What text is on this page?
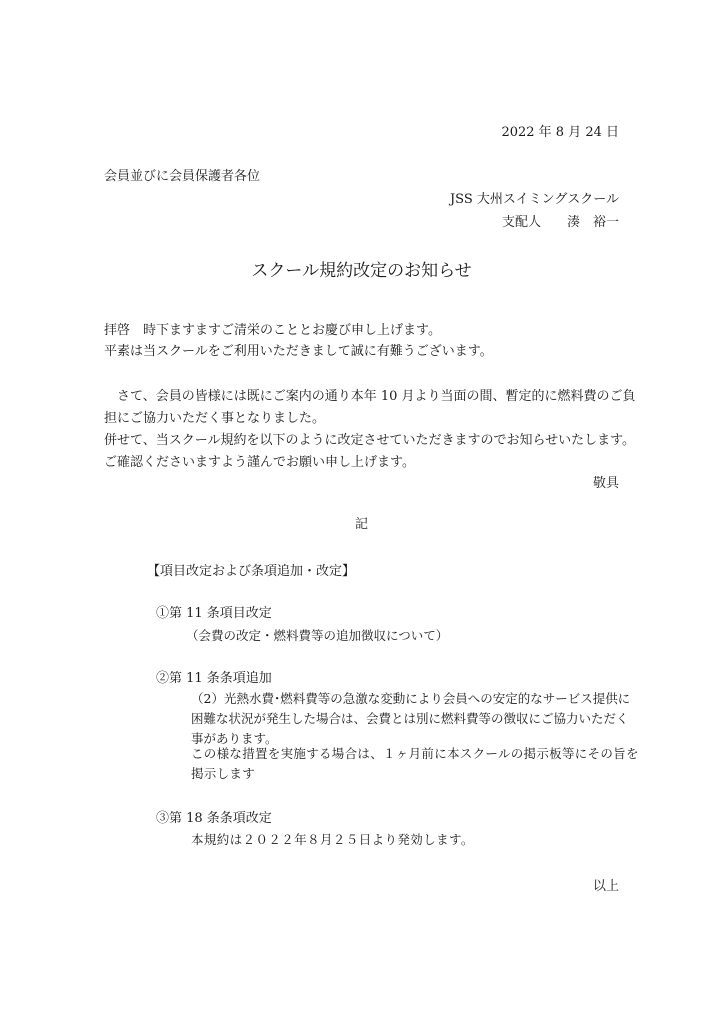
2022 年 8 月 24 日
会員並びに会員保護者各位
JSS 大州スイミングスクール
支配人　　湊　裕一
スクール規約改定のお知らせ
拝啓　時下ますますご清栄のこととお慶び申し上げます。
平素は当スクールをご利用いただきまして誠に有難うございます。
　さて、会員の皆様には既にご案内の通り本年 10 月より当面の間、暫定的に燃料費のご負
担にご協力いただく事となりました。
併せて、当スクール規約を以下のように改定させていただきますのでお知らせいたします。
ご確認くださいますよう謹んでお願い申し上げます。
敬具
記
【項目改定および条項追加・改定】
①第 11 条項目改定
（会費の改定・燃料費等の追加徴収について）
②第 11 条条項追加
（2）光熱水費･燃料費等の急激な変動により会員への安定的なサービス提供に
困難な状況が発生した場合は、会費とは別に燃料費等の徴収にご協力いただく
事があります。
この様な措置を実施する場合は、１ヶ月前に本スクールの掲示板等にその旨を
掲示します
③第 18 条条項改定
本規約は２０２２年８月２５日より発効します。
以上
